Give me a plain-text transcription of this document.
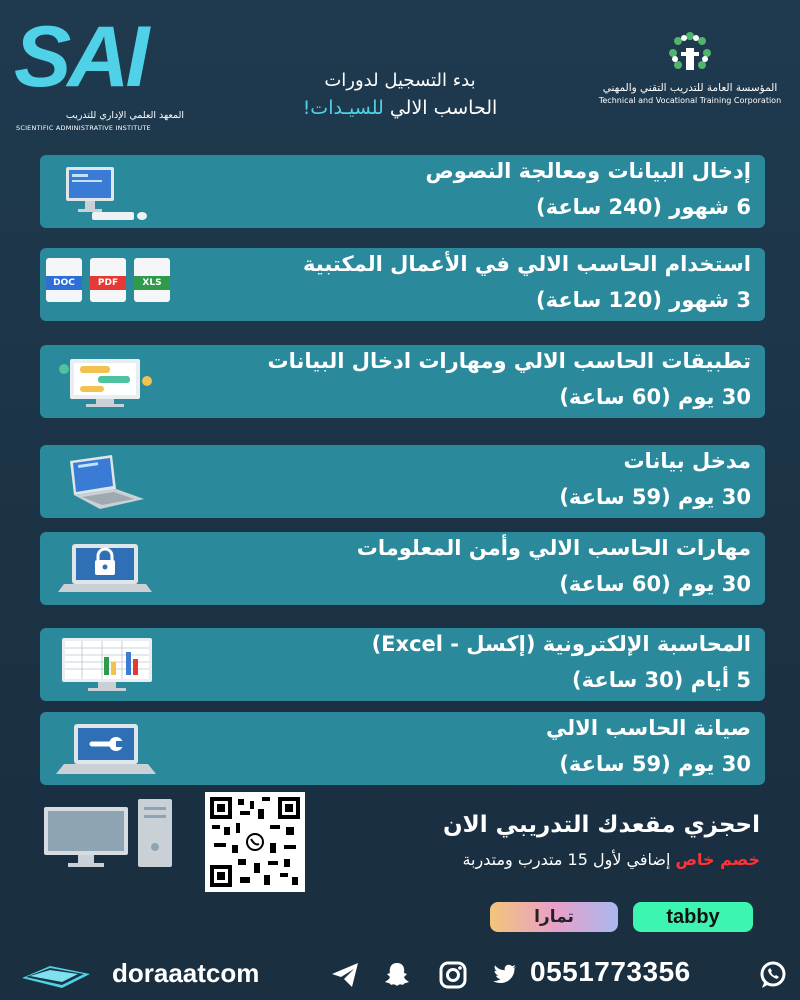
SAI
المعهد العلمي الإداري للتدريب
SCIENTIFIC ADMINISTRATIVE INSTITUTE
بدء التسجيل لدورات
الحاسب الالي للسيـدات!
المؤسسة العامة للتدريب التقني والمهني
Technical and Vocational Training Corporation
إدخال البيانات ومعالجة النصوص
6 شهور (240 ساعة)
استخدام الحاسب الالي في الأعمال المكتبية
3 شهور (120 ساعة)
DOC	PDF	XLS
تطبيقات الحاسب الالي ومهارات ادخال البيانات
30 يوم (60 ساعة)
مدخل بيانات
30 يوم (59 ساعة)
مهارات الحاسب الالي وأمن المعلومات
30 يوم (60 ساعة)
المحاسبة الإلكترونية (إكسل - Excel)
5 أيام (30 ساعة)
صيانة الحاسب الالي
30 يوم (59 ساعة)
احجزي مقعدك التدريبي الان
خصم خاص إضافي لأول 15 متدرب ومتدربة
تمارا	tabby
doraaatcom	0551773356
